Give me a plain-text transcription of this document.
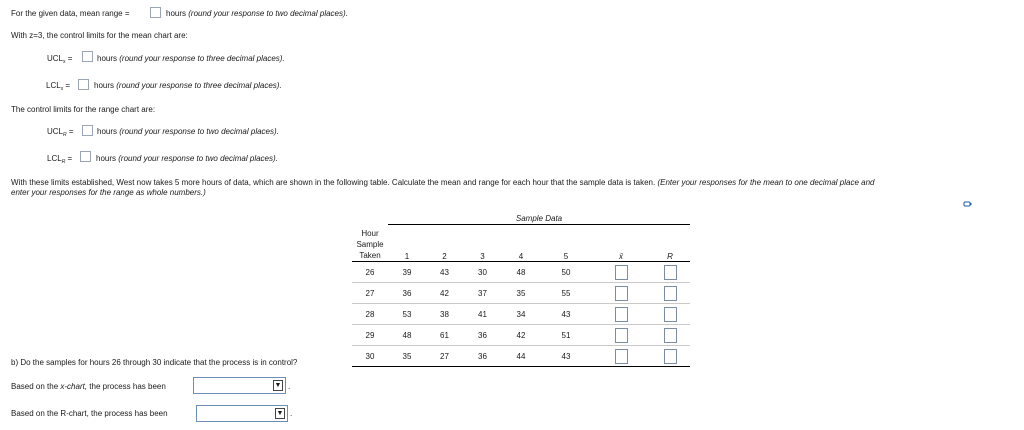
For the given data, mean range =	hours (round your response to two decimal places).
With z=3, the control limits for the mean chart are:
$UCL_x$ =	hours (round your response to three decimal places).
$LCL_x$ =	hours (round your response to three decimal places).
The control limits for the range chart are:
$UCL_R$ =	hours (round your response to two decimal places).
$LCL_R$ =	hours (round your response to two decimal places).
With these limits established, West now takes 5 more hours of data, which are shown in the following table. Calculate the mean and range for each hour that the sample data is taken. (Enter your responses for the mean to one decimal place and
enter your responses for the range as whole numbers.)
	Sample Data						
Hour
Sample
Taken	1	2	3	4	5	x̄	R
26	39	43	30	48	50		
27	36	42	37	35	55		
28	53	38	41	34	43		
29	48	61	36	42	51		
30	35	27	36	44	43		
b) Do the samples for hours 26 through 30 indicate that the process is in control?
Based on the x-chart, the process has been	▼ .
Based on the R-chart, the process has been	▼ .
